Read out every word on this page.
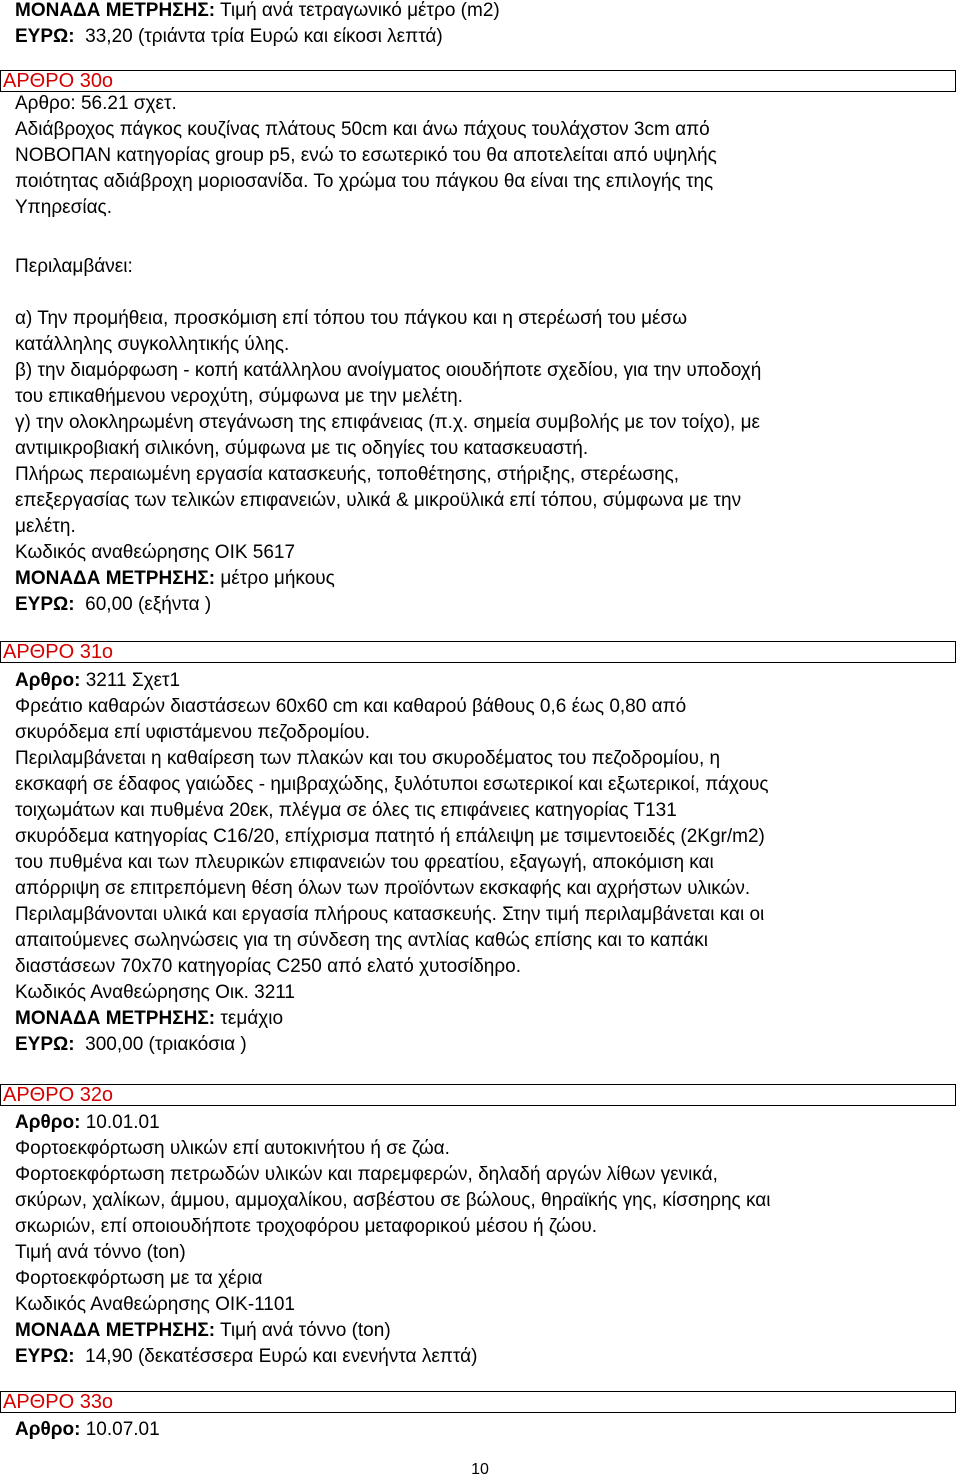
ΜΟΝΑΔΑ ΜΕΤΡΗΣΗΣ: Τιμή ανά τετραγωνικό μέτρο (m2)
ΕΥΡΩ:  33,20 (τριάντα τρία Ευρώ και είκοσι λεπτά)
ΑΡΘΡΟ 30ο
Αρθρο: 56.21 σχετ.
Αδιάβροχος πάγκος κουζίνας πλάτους 50cm και άνω πάχους τουλάχστον 3cm από
ΝΟΒΟΠΑΝ κατηγορίας group p5, ενώ το εσωτερικό του θα αποτελείται από υψηλής
ποιότητας αδιάβροχη μοριοσανίδα. Το χρώμα του πάγκου θα είναι της επιλογής της
Υπηρεσίας.
Περιλαμβάνει:
α) Την προμήθεια, προσκόμιση επί τόπου του πάγκου και η στερέωσή του μέσω
κατάλληλης συγκολλητικής ύλης.
β) την διαμόρφωση - κοπή κατάλληλου ανοίγματος οιουδήποτε σχεδίου, για την υποδοχή
του επικαθήμενου νεροχύτη, σύμφωνα με την μελέτη.
γ) την ολοκληρωμένη στεγάνωση της επιφάνειας (π.χ. σημεία συμβολής με τον τοίχο), με
αντιμικροβιακή σιλικόνη, σύμφωνα με τις οδηγίες του κατασκευαστή.
Πλήρως περαιωμένη εργασία κατασκευής, τοποθέτησης, στήριξης, στερέωσης,
επεξεργασίας των τελικών επιφανειών, υλικά & μικροϋλικά επί τόπου, σύμφωνα με την
μελέτη.
Κωδικός αναθεώρησης ΟΙΚ 5617
ΜΟΝΑΔΑ ΜΕΤΡΗΣΗΣ: μέτρο μήκους
ΕΥΡΩ:  60,00 (εξήντα )
ΑΡΘΡΟ 31ο
Αρθρο: 3211 Σχετ1
Φρεάτιο καθαρών διαστάσεων 60x60 cm και καθαρού βάθους 0,6 έως 0,80 από
σκυρόδεμα επί υφιστάμενου πεζοδρομίου.
Περιλαμβάνεται η καθαίρεση των πλακών και του σκυροδέματος του πεζοδρομίου, η
εκσκαφή σε έδαφος γαιώδες - ημιβραχώδης, ξυλότυποι εσωτερικοί και εξωτερικοί, πάχους
τοιχωμάτων και πυθμένα 20εκ, πλέγμα σε όλες τις επιφάνειες κατηγορίας Τ131
σκυρόδεμα κατηγορίας C16/20, επίχρισμα πατητό ή επάλειψη με τσιμεντοειδές (2Kgr/m2)
του πυθμένα και των πλευρικών επιφανειών του φρεατίου, εξαγωγή, αποκόμιση και
απόρριψη σε επιτρεπόμενη θέση όλων των προϊόντων εκσκαφής και αχρήστων υλικών.
Περιλαμβάνονται υλικά και εργασία πλήρους κατασκευής. Στην τιμή περιλαμβάνεται και οι
απαιτούμενες σωληνώσεις για τη σύνδεση της αντλίας καθώς επίσης και το καπάκι
διαστάσεων 70x70 κατηγορίας C250 από ελατό χυτοσίδηρο.
Κωδικός Αναθεώρησης Οικ. 3211
ΜΟΝΑΔΑ ΜΕΤΡΗΣΗΣ: τεμάχιο
ΕΥΡΩ:  300,00 (τριακόσια )
ΑΡΘΡΟ 32ο
Αρθρο: 10.01.01
Φορτοεκφόρτωση υλικών επί αυτοκινήτου ή σε ζώα.
Φορτοεκφόρτωση πετρωδών υλικών και παρεμφερών, δηλαδή αργών λίθων γενικά,
σκύρων, χαλίκων, άμμου, αμμοχαλίκου, ασβέστου σε βώλους, θηραϊκής γης, κίσσηρης και
σκωριών, επί οποιουδήποτε τροχοφόρου μεταφορικού μέσου ή ζώου.
Τιμή ανά τόννο (ton)
Φορτοεκφόρτωση με τα χέρια
Κωδικός Αναθεώρησης ΟΙΚ-1101
ΜΟΝΑΔΑ ΜΕΤΡΗΣΗΣ: Τιμή ανά τόννο (ton)
ΕΥΡΩ:  14,90 (δεκατέσσερα Ευρώ και ενενήντα λεπτά)
ΑΡΘΡΟ 33ο
Αρθρο: 10.07.01
10
